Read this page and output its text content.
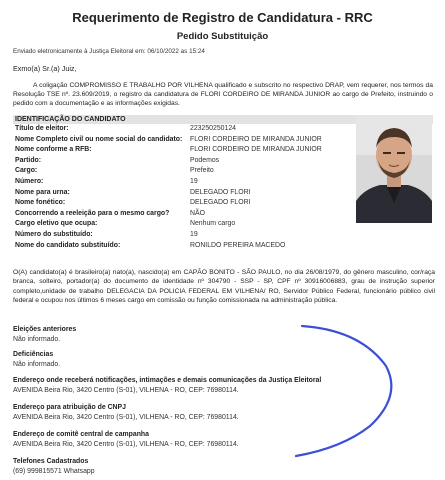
Requerimento de Registro de Candidatura - RRC
Pedido Substituição
Enviado eletronicamente à Justiça Eleitoral em: 06/10/2022 as 15:24
Exmo(a) Sr.(a) Juiz,
A coligação COMPROMISSO E TRABALHO POR VILHENA qualificado e subscrito no respectivo DRAP, vem requerer, nos termos da Resolução TSE nº. 23.609/2019, o registro da candidatura de FLORI CORDEIRO DE MIRANDA JUNIOR ao cargo de Prefeito, instruindo o pedido com a documentação e as informações exigidas.
IDENTIFICAÇÃO DO CANDIDATO
Título de eleitor:	223250250124
Nome Completo civil ou nome social do candidato: FLORI CORDEIRO DE MIRANDA JUNIOR
Nome conforme a RFB:	FLORI CORDEIRO DE MIRANDA JUNIOR
Partido:	Podemos
Cargo:	Prefeito
Número:	19
Nome para urna:	DELEGADO FLORI
Nome fonético:	DELEGADO FLORI
Concorrendo a reeleição para o mesmo cargo?	NÃO
Cargo eletivo que ocupa:	Nenhum cargo
Número do substituído:	19
Nome do candidato substituído:	RONILDO PEREIRA MACEDO
O(A) candidato(a) é brasileiro(a) nato(a), nascido(a) em CAPÃO BONITO - SÃO PAULO, no dia 26/08/1979, do gênero masculino, cor/raça branca, solteiro, portador(a) do documento de identidade nº 304790 - SSP - SP, CPF nº 30916006883, grau de instrução superior completo,unidade de trabalho DELEGACIA DA POLICIA FEDERAL EM VILHENA/ RO, Servidor Público Federal, funcionário público civil federal e ocupou nos últimos 6 meses cargo em comissão ou função comissionada na administração pública.
Eleições anteriores
Não informado.
Deficiências
Não informado.
Endereço onde receberá notificações, intimações e demais comunicações da Justiça Eleitoral
AVENIDA Beira Rio, 3420 Centro (S-01), VILHENA - RO, CEP: 76980114.
Endereço para atribuição de CNPJ
AVENIDA Beira Rio, 3420 Centro (S-01), VILHENA - RO, CEP: 76980114.
Endereço de comitê central de campanha
AVENIDA Beira Rio, 3420 Centro (S-01), VILHENA - RO, CEP: 76980114.
Telefones Cadastrados
(69) 999815571 Whatsapp
